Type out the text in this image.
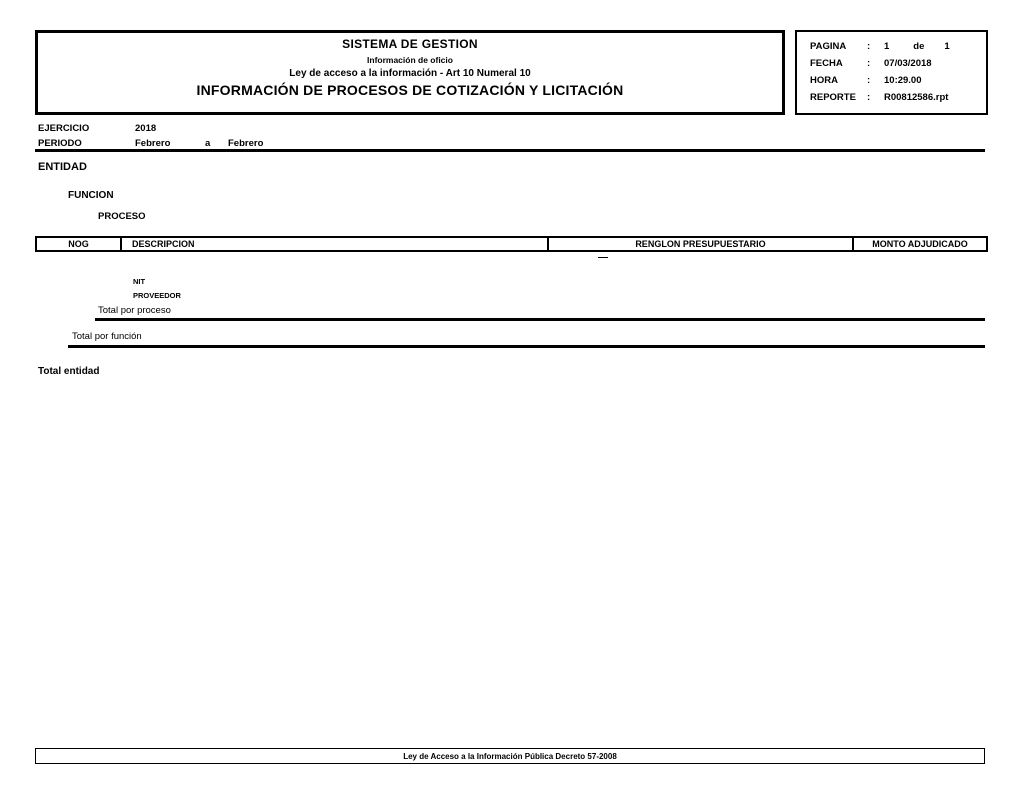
SISTEMA DE GESTION
Información de oficio
Ley de acceso a la información - Art 10 Numeral 10
INFORMACIÓN DE PROCESOS DE COTIZACIÓN Y LICITACIÓN
PAGINA : 1	de 1
FECHA	: 07/03/2018
HORA	: 10:29.00
REPORTE : R00812586.rpt
EJERCICIO	2018
PERIODO	Febrero	a Febrero
ENTIDAD
FUNCION
PROCESO
NOG	DESCRIPCION	RENGLON PRESUPUESTARIO	MONTO ADJUDICADO
—
NIT
PROVEEDOR
Total por proceso
Total por función
Total entidad
Ley de Acceso a la Información Pública Decreto 57-2008
